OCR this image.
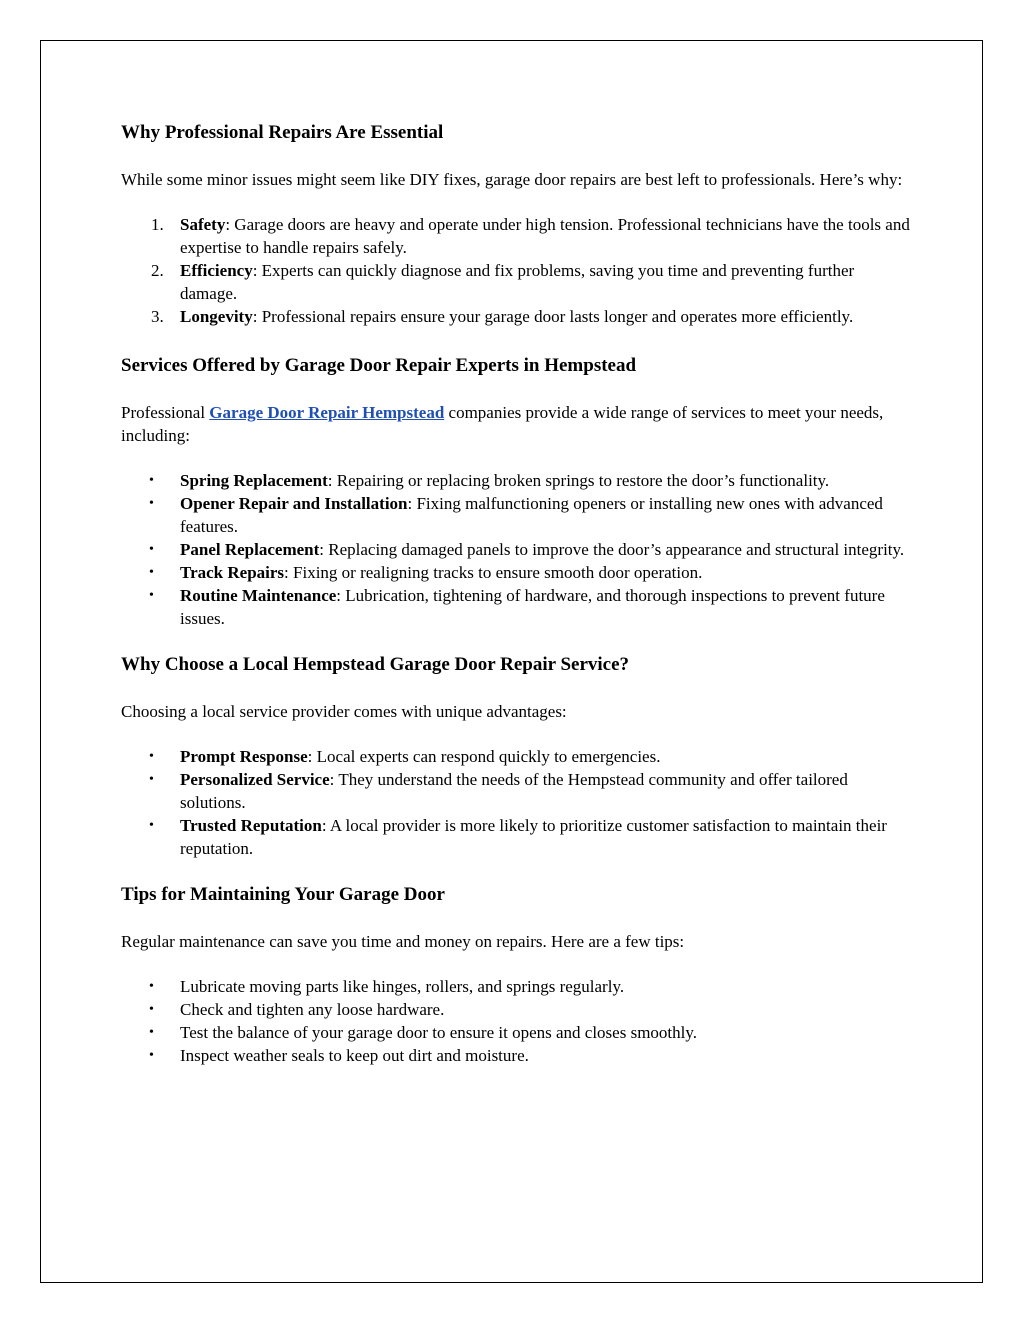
Why Professional Repairs Are Essential

While some minor issues might seem like DIY fixes, garage door repairs are best left to professionals. Here’s why:

1. Safety: Garage doors are heavy and operate under high tension. Professional technicians have the tools and expertise to handle repairs safely.
2. Efficiency: Experts can quickly diagnose and fix problems, saving you time and preventing further damage.
3. Longevity: Professional repairs ensure your garage door lasts longer and operates more efficiently.
Services Offered by Garage Door Repair Experts in Hempstead

Professional Garage Door Repair Hempstead companies provide a wide range of services to meet your needs, including:

• Spring Replacement: Repairing or replacing broken springs to restore the door’s functionality.
• Opener Repair and Installation: Fixing malfunctioning openers or installing new ones with advanced features.
• Panel Replacement: Replacing damaged panels to improve the door’s appearance and structural integrity.
• Track Repairs: Fixing or realigning tracks to ensure smooth door operation.
• Routine Maintenance: Lubrication, tightening of hardware, and thorough inspections to prevent future issues.
Why Choose a Local Hempstead Garage Door Repair Service?

Choosing a local service provider comes with unique advantages:

• Prompt Response: Local experts can respond quickly to emergencies.
• Personalized Service: They understand the needs of the Hempstead community and offer tailored solutions.
• Trusted Reputation: A local provider is more likely to prioritize customer satisfaction to maintain their reputation.
Tips for Maintaining Your Garage Door

Regular maintenance can save you time and money on repairs. Here are a few tips:

• Lubricate moving parts like hinges, rollers, and springs regularly.
• Check and tighten any loose hardware.
• Test the balance of your garage door to ensure it opens and closes smoothly.
• Inspect weather seals to keep out dirt and moisture.
